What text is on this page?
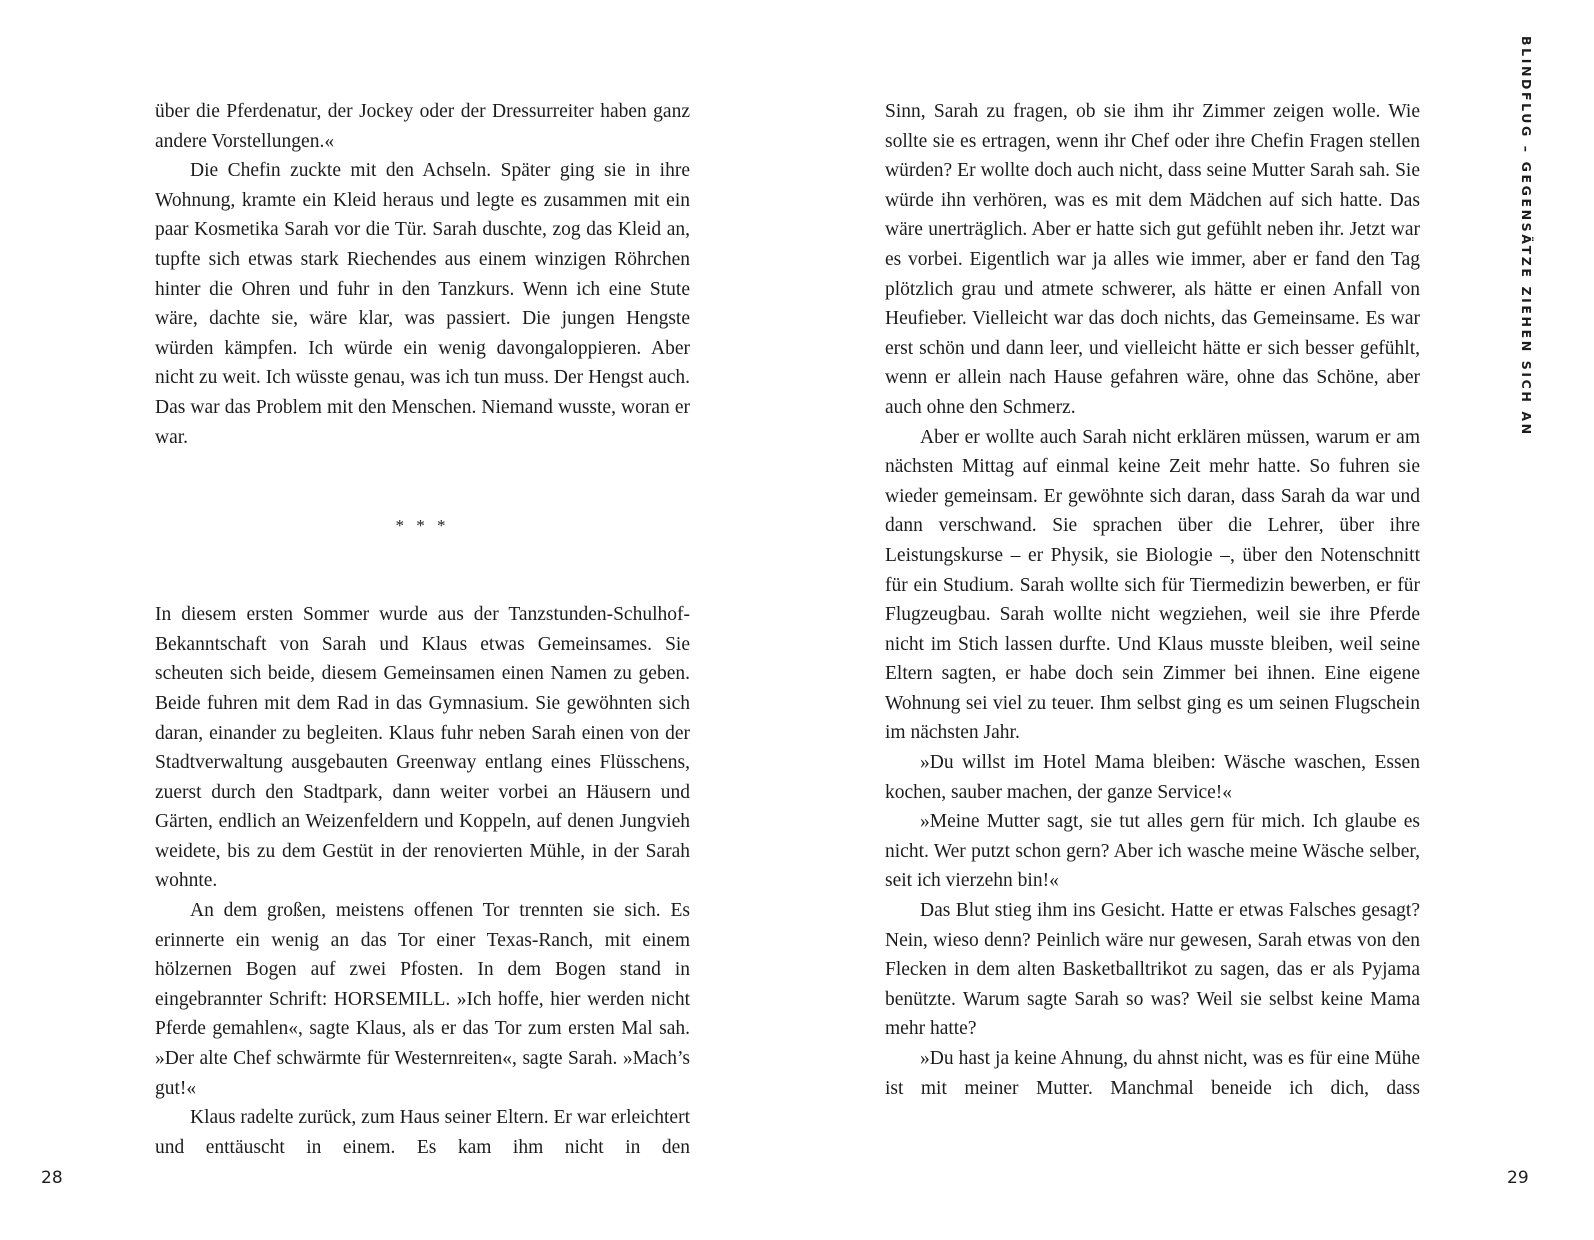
über die Pferdenatur, der Jockey oder der Dressurreiter haben ganz andere Vorstellungen.«

Die Chefin zuckte mit den Achseln. Später ging sie in ihre Wohnung, kramte ein Kleid heraus und legte es zusammen mit ein paar Kosmetika Sarah vor die Tür. Sarah duschte, zog das Kleid an, tupfte sich etwas stark Riechendes aus einem winzigen Röhrchen hinter die Ohren und fuhr in den Tanzkurs. Wenn ich eine Stute wäre, dachte sie, wäre klar, was passiert. Die jungen Hengste würden kämpfen. Ich würde ein wenig davongaloppieren. Aber nicht zu weit. Ich wüsste genau, was ich tun muss. Der Hengst auch. Das war das Problem mit den Menschen. Niemand wusste, woran er war.

* * *

In diesem ersten Sommer wurde aus der Tanzstunden-Schulhof-Bekanntschaft von Sarah und Klaus etwas Gemeinsames. Sie scheuten sich beide, diesem Gemeinsamen einen Namen zu geben. Beide fuhren mit dem Rad in das Gymnasium. Sie gewöhnten sich daran, einander zu begleiten. Klaus fuhr neben Sarah einen von der Stadtverwaltung ausgebauten Greenway entlang eines Flüsschens, zuerst durch den Stadtpark, dann weiter vorbei an Häusern und Gärten, endlich an Weizenfeldern und Koppeln, auf denen Jungvieh weidete, bis zu dem Gestüt in der renovierten Mühle, in der Sarah wohnte.

An dem großen, meistens offenen Tor trennten sie sich. Es erinnerte ein wenig an das Tor einer Texas-Ranch, mit einem hölzernen Bogen auf zwei Pfosten. In dem Bogen stand in eingebrannter Schrift: HORSEMILL. »Ich hoffe, hier werden nicht Pferde gemahlen«, sagte Klaus, als er das Tor zum ersten Mal sah. »Der alte Chef schwärmte für Westernreiten«, sagte Sarah. »Mach’s gut!«

Klaus radelte zurück, zum Haus seiner Eltern. Er war erleichtert und enttäuscht in einem. Es kam ihm nicht in den

28

Sinn, Sarah zu fragen, ob sie ihm ihr Zimmer zeigen wolle. Wie sollte sie es ertragen, wenn ihr Chef oder ihre Chefin Fragen stellen würden? Er wollte doch auch nicht, dass seine Mutter Sarah sah. Sie würde ihn verhören, was es mit dem Mädchen auf sich hatte. Das wäre unerträglich. Aber er hatte sich gut gefühlt neben ihr. Jetzt war es vorbei. Eigentlich war ja alles wie immer, aber er fand den Tag plötzlich grau und atmete schwerer, als hätte er einen Anfall von Heufieber. Vielleicht war das doch nichts, das Gemeinsame. Es war erst schön und dann leer, und vielleicht hätte er sich besser gefühlt, wenn er allein nach Hause gefahren wäre, ohne das Schöne, aber auch ohne den Schmerz.

Aber er wollte auch Sarah nicht erklären müssen, warum er am nächsten Mittag auf einmal keine Zeit mehr hatte. So fuhren sie wieder gemeinsam. Er gewöhnte sich daran, dass Sarah da war und dann verschwand. Sie sprachen über die Lehrer, über ihre Leistungskurse – er Physik, sie Biologie –, über den Notenschnitt für ein Studium. Sarah wollte sich für Tiermedizin bewerben, er für Flugzeugbau. Sarah wollte nicht wegziehen, weil sie ihre Pferde nicht im Stich lassen durfte. Und Klaus musste bleiben, weil seine Eltern sagten, er habe doch sein Zimmer bei ihnen. Eine eigene Wohnung sei viel zu teuer. Ihm selbst ging es um seinen Flugschein im nächsten Jahr.

»Du willst im Hotel Mama bleiben: Wäsche waschen, Essen kochen, sauber machen, der ganze Service!«

»Meine Mutter sagt, sie tut alles gern für mich. Ich glaube es nicht. Wer putzt schon gern? Aber ich wasche meine Wäsche selber, seit ich vierzehn bin!«

Das Blut stieg ihm ins Gesicht. Hatte er etwas Falsches gesagt? Nein, wieso denn? Peinlich wäre nur gewesen, Sarah etwas von den Flecken in dem alten Basketballtrikot zu sagen, das er als Pyjama benützte. Warum sagte Sarah so was? Weil sie selbst keine Mama mehr hatte?

»Du hast ja keine Ahnung, du ahnst nicht, was es für eine Mühe ist mit meiner Mutter. Manchmal beneide ich dich, dass

BLINDFLUG – GEGENSÄTZE ZIEHEN SICH AN
29
